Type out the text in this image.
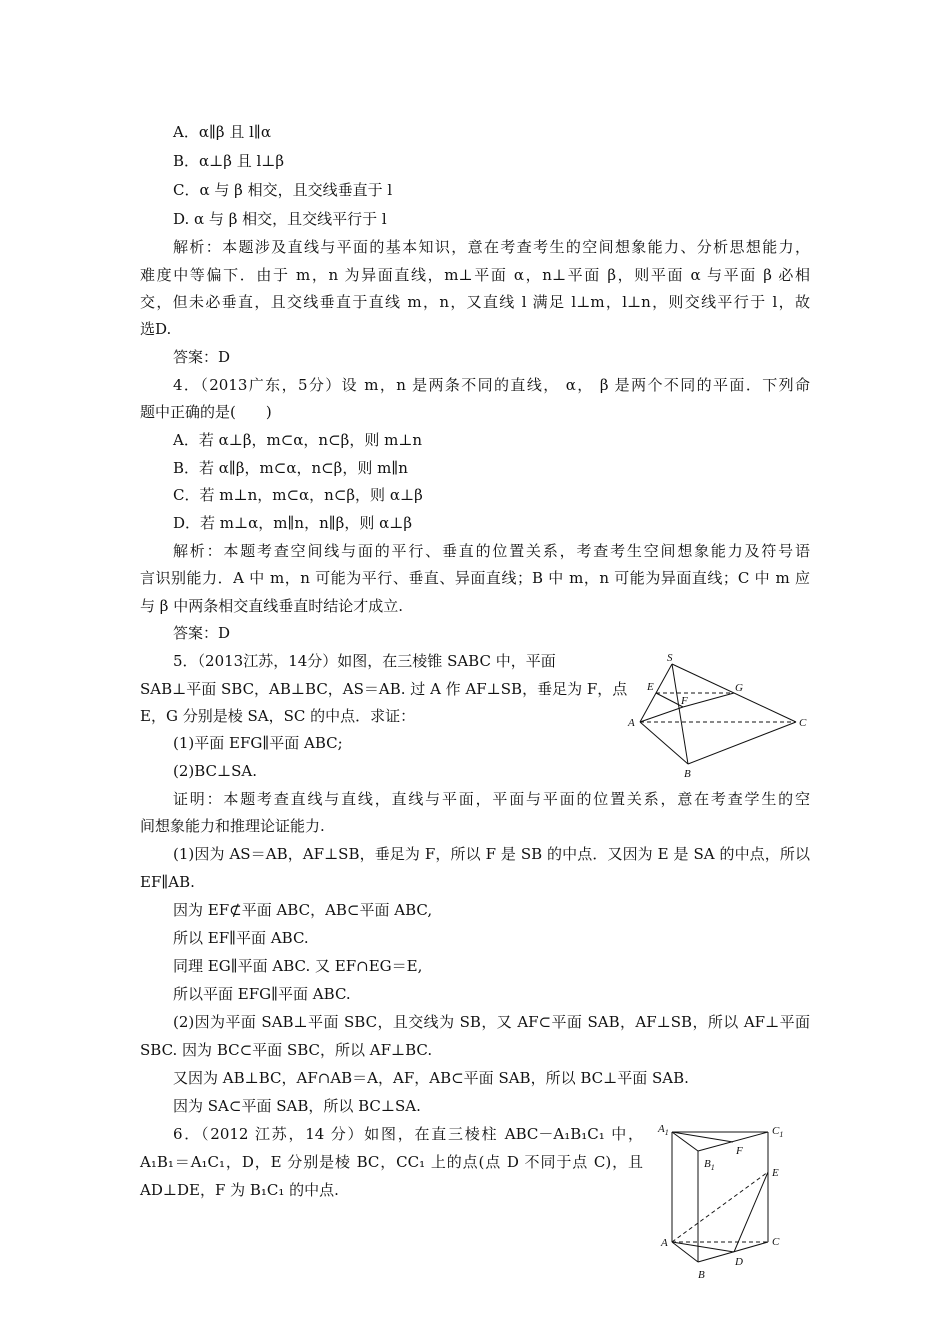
A．α∥β 且 l∥α
B．α⊥β 且 l⊥β
C．α 与 β 相交，且交线垂直于 l
D. α 与 β 相交，且交线平行于 l
解析：本题涉及直线与平面的基本知识，意在考查考生的空间想象能力、分析思想能力，
难度中等偏下．由于 m，n 为异面直线，m⊥平面 α，n⊥平面 β，则平面 α 与平面 β 必相
交，但未必垂直，且交线垂直于直线 m，n，又直线 l 满足 l⊥m，l⊥n，则交线平行于 l，故
选D.
答案：D
4．（2013广东，5分）设 m，n 是两条不同的直线， α， β 是两个不同的平面．下列命
题中正确的是(　　)
A．若 α⊥β，m⊂α，n⊂β，则 m⊥n
B．若 α∥β，m⊂α，n⊂β，则 m∥n
C．若 m⊥n，m⊂α，n⊂β，则 α⊥β
D．若 m⊥α，m∥n，n∥β，则 α⊥β
解析：本题考查空间线与面的平行、垂直的位置关系，考查考生空间想象能力及符号语
言识别能力．A 中 m，n 可能为平行、垂直、异面直线；B 中 m，n 可能为异面直线；C 中 m 应
与 β 中两条相交直线垂直时结论才成立.
答案：D
5．（2013江苏，14分）如图，在三棱锥 SABC 中，平面
SAB⊥平面 SBC，AB⊥BC，AS＝AB. 过 A 作 AF⊥SB，垂足为 F，点
E，G 分别是棱 SA，SC 的中点．求证：
(1)平面 EFG∥平面 ABC;
(2)BC⊥SA.
S
E	G
F
A	C
B
证明：本题考查直线与直线，直线与平面，平面与平面的位置关系，意在考查学生的空
间想象能力和推理论证能力.
(1)因为 AS＝AB，AF⊥SB，垂足为 F，所以 F 是 SB 的中点．又因为 E 是 SA 的中点，所以
EF∥AB.
因为 EF⊄平面 ABC，AB⊂平面 ABC,
所以 EF∥平面 ABC.
同理 EG∥平面 ABC. 又 EF∩EG＝E,
所以平面 EFG∥平面 ABC.
(2)因为平面 SAB⊥平面 SBC，且交线为 SB，又 AF⊂平面 SAB，AF⊥SB，所以 AF⊥平面
SBC. 因为 BC⊂平面 SBC，所以 AF⊥BC.
又因为 AB⊥BC，AF∩AB＝A，AF，AB⊂平面 SAB，所以 BC⊥平面 SAB.
因为 SA⊂平面 SAB，所以 BC⊥SA.
6．（2012 江苏，14 分）如图，在直三棱柱 ABC－A₁B₁C₁ 中，
A₁B₁＝A₁C₁，D，E 分别是棱 BC，CC₁ 上的点(点 D 不同于点 C)，且
AD⊥DE，F 为 B₁C₁ 的中点.
$A_1$	$C_1$
$B_1$
F
E
A	C
D
B
